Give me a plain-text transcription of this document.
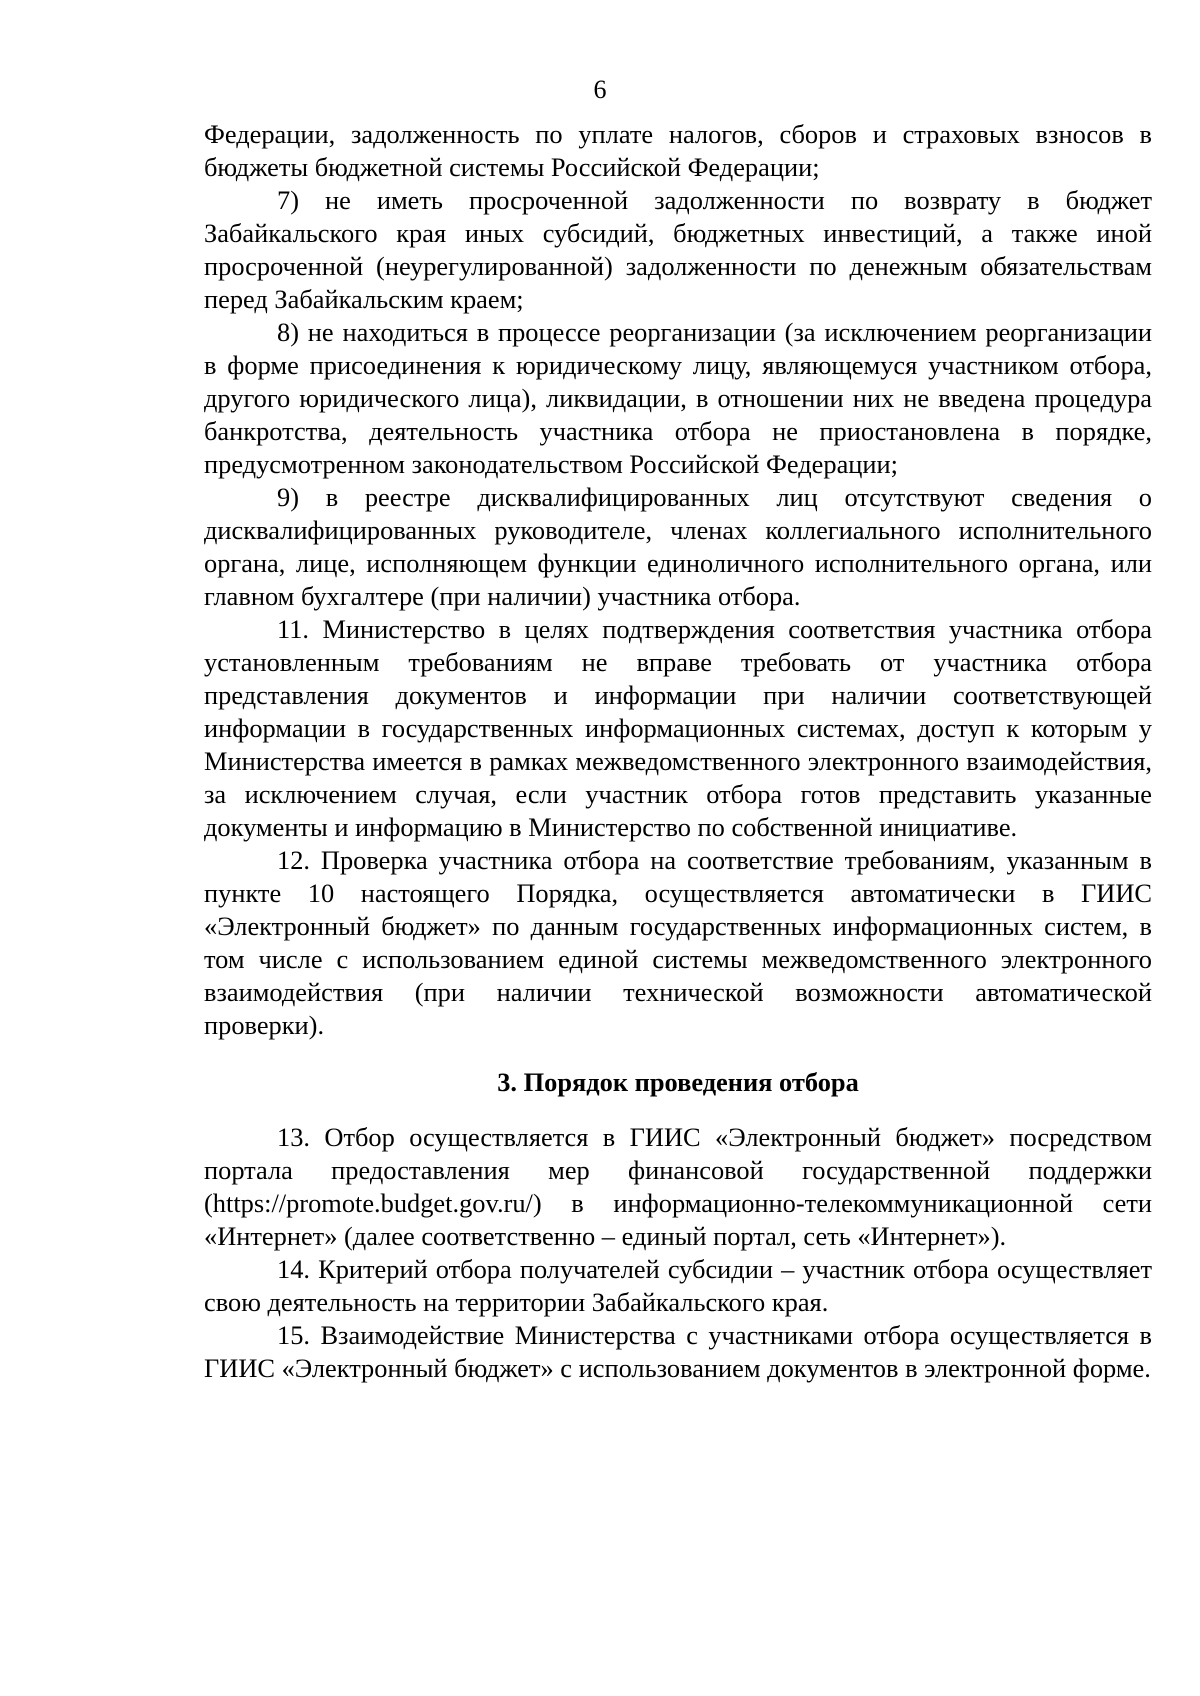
6

Федерации, задолженность по уплате налогов, сборов и страховых взносов в бюджеты бюджетной системы Российской Федерации;

7) не иметь просроченной задолженности по возврату в бюджет Забайкальского края иных субсидий, бюджетных инвестиций, а также иной просроченной (неурегулированной) задолженности по денежным обязательствам перед Забайкальским краем;

8) не находиться в процессе реорганизации (за исключением реорганизации в форме присоединения к юридическому лицу, являющемуся участником отбора, другого юридического лица), ликвидации, в отношении них не введена процедура банкротства, деятельность участника отбора не приостановлена в порядке, предусмотренном законодательством Российской Федерации;

9) в реестре дисквалифицированных лиц отсутствуют сведения о дисквалифицированных руководителе, членах коллегиального исполнительного органа, лице, исполняющем функции единоличного исполнительного органа, или главном бухгалтере (при наличии) участника отбора.

11. Министерство в целях подтверждения соответствия участника отбора установленным требованиям не вправе требовать от участника отбора представления документов и информации при наличии соответствующей информации в государственных информационных системах, доступ к которым у Министерства имеется в рамках межведомственного электронного взаимодействия, за исключением случая, если участник отбора готов представить указанные документы и информацию в Министерство по собственной инициативе.

12. Проверка участника отбора на соответствие требованиям, указанным в пункте 10 настоящего Порядка, осуществляется автоматически в ГИИС «Электронный бюджет» по данным государственных информационных систем, в том числе с использованием единой системы межведомственного электронного взаимодействия (при наличии технической возможности автоматической проверки).

3. Порядок проведения отбора

13. Отбор осуществляется в ГИИС «Электронный бюджет» посредством портала предоставления мер финансовой государственной поддержки (https://promote.budget.gov.ru/) в информационно-телекоммуникационной сети «Интернет» (далее соответственно – единый портал, сеть «Интернет»).

14. Критерий отбора получателей субсидии – участник отбора осуществляет свою деятельность на территории Забайкальского края.

15. Взаимодействие Министерства с участниками отбора осуществляется в ГИИС «Электронный бюджет» с использованием документов в электронной форме.
